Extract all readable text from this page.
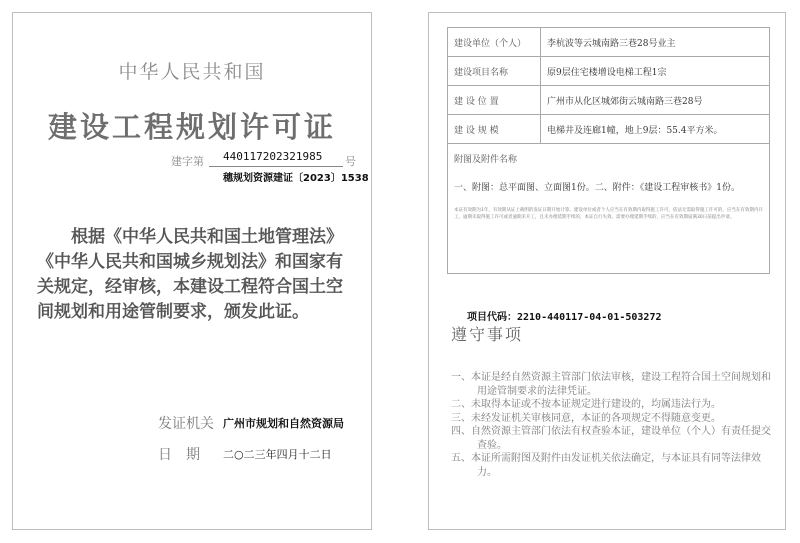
中华人民共和国
建设工程规划许可证
建字第 440117202321985 号
穗规划资源建证〔2023〕1538
根据《中华人民共和国土地管理法》《中华人民共和国城乡规划法》和国家有关规定，经审核，本建设工程符合国土空间规划和用途管制要求，颁发此证。
发证机关 广州市规划和自然资源局
日　期 二○二三年四月十二日
建设单位（个人）	李杭波等云城南路三巷28号业主
建设项目名称	原9层住宅楼增设电梯工程1宗
建 设 位 置	广州市从化区城郊街云城南路三巷28号
建 设 规 模	电梯井及连廊1幢，地上9层：55.4平方米。

附图及附件名称
一、附图：总平面图、立面图1份。二、附件：《建设工程审核书》1份。
本证有效期为1年，有效期从证上载明的发证日期开始计算。建设单位或者个人应当在有效期内取得施工许可，依法无需取得施工许可的，应当在有效期内开工，逾期未取得施工许可或者逾期未开工，且未办理延期手续的，本证自行失效。需要办理延期手续的，应当在有效期届满30日前提出申请。	
项目代码：2210-440117-04-01-503272
遵守事项
一、本证是经自然资源主管部门依法审核，建设工程符合国土空间规划和用途管制要求的法律凭证。
二、未取得本证或不按本证规定进行建设的，均属违法行为。
三、未经发证机关审核同意，本证的各项规定不得随意变更。
四、自然资源主管部门依法有权查验本证，建设单位（个人）有责任提交查验。
五、本证所需附图及附件由发证机关依法确定，与本证具有同等法律效力。
